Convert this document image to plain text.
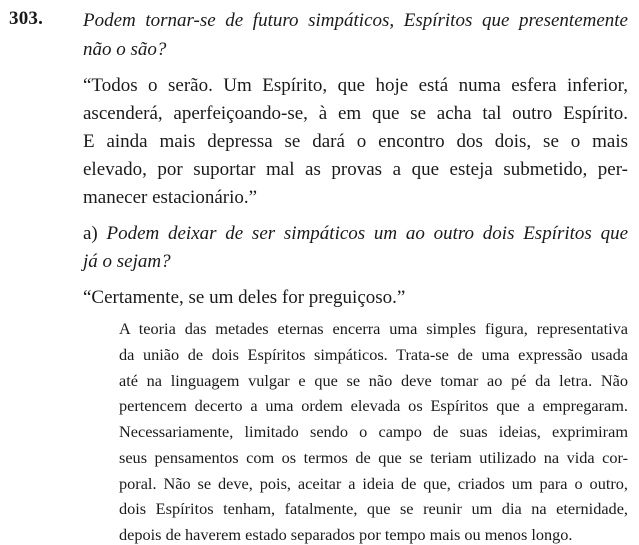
303. Podem tornar-se de futuro simpáticos, Espíritos que presentemente
não o são?
“Todos o serão. Um Espírito, que hoje está numa esfera inferior,
ascenderá, aperfeiçoando-se, à em que se acha tal outro Espírito.
E ainda mais depressa se dará o encontro dos dois, se o mais
elevado, por suportar mal as provas a que esteja submetido, per-
manecer estacionário.”
a) Podem deixar de ser simpáticos um ao outro dois Espíritos que
já o sejam?
“Certamente, se um deles for preguiçoso.”
A teoria das metades eternas encerra uma simples figura, representativa
da união de dois Espíritos simpáticos. Trata-se de uma expressão usada
até na linguagem vulgar e que se não deve tomar ao pé da letra. Não
pertencem decerto a uma ordem elevada os Espíritos que a empregaram.
Necessariamente, limitado sendo o campo de suas ideias, exprimiram
seus pensamentos com os termos de que se teriam utilizado na vida cor-
poral. Não se deve, pois, aceitar a ideia de que, criados um para o outro,
dois Espíritos tenham, fatalmente, que se reunir um dia na eternidade,
depois de haverem estado separados por tempo mais ou menos longo.
